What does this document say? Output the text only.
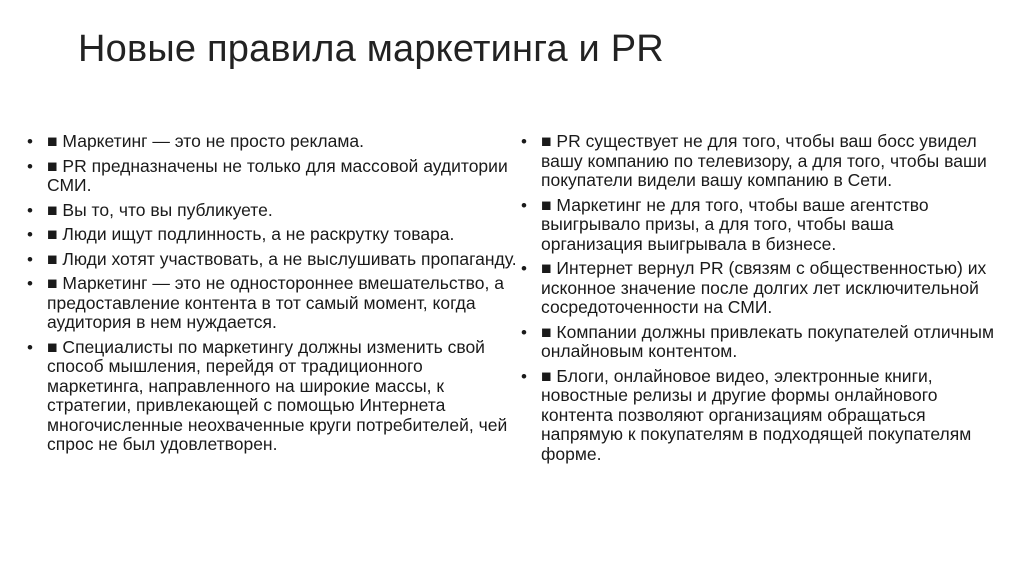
Новые правила маркетинга и PR
• ■ Маркетинг — это не просто реклама.
• ■ PR предназначены не только для массовой аудитории СМИ.
• ■ Вы то, что вы публикуете.
• ■ Люди ищут подлинность, а не раскрутку товара.
• ■ Люди хотят участвовать, а не выслушивать пропаганду.
• ■ Маркетинг — это не одностороннее вмешательство, а предоставление контента в тот самый момент, когда аудитория в нем нуждается.
• ■ Специалисты по маркетингу должны изменить свой способ мышления, перейдя от традиционного маркетинга, направленного на широкие массы, к стратегии, привлекающей с помощью Интернета многочисленные неохваченные круги потребителей, чей спрос не был удовлетворен.
• ■ PR существует не для того, чтобы ваш босс увидел вашу компанию по телевизору, а для того, чтобы ваши покупатели видели вашу компанию в Сети.
• ■ Маркетинг не для того, чтобы ваше агентство выигрывало призы, а для того, чтобы ваша организация выигрывала в бизнесе.
• ■ Интернет вернул PR (связям с общественностью) их исконное значение после долгих лет исключительной сосредоточенности на СМИ.
• ■ Компании должны привлекать покупателей отличным онлайновым контентом.
• ■ Блоги, онлайновое видео, электронные книги, новостные релизы и другие формы онлайнового контента позволяют организациям обращаться напрямую к покупателям в подходящей покупателям форме.
